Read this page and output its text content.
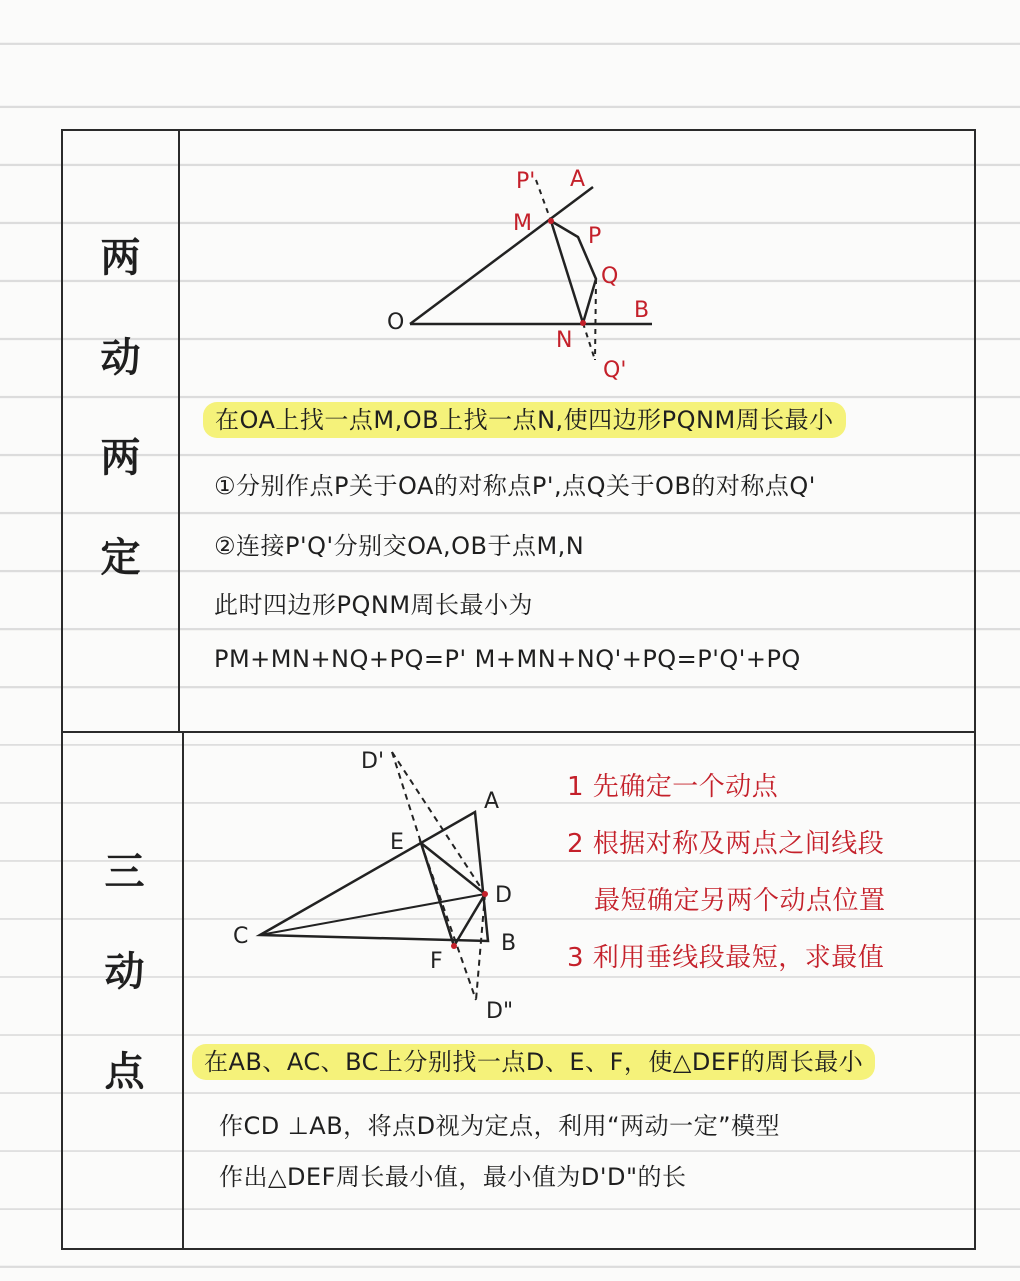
两
动
两
定
P' A
M
P
Q
O	B
N
Q'
在OA上找一点M,OB上找一点N,使四边形PQNM周长最小
①分别作点P关于OA的对称点P',点Q关于OB的对称点Q'
②连接P'Q'分别交OA,OB于点M,N
此时四边形PQNM周长最小为
PM+MN+NQ+PQ=P' M+MN+NQ'+PQ=P'Q'+PQ
三
动
点
D'
A
E
D
C	B
F
D"
1 先确定一个动点
2 根据对称及两点之间线段
最短确定另两个动点位置
3 利用垂线段最短，求最值
在AB、AC、BC上分别找一点D、E、F，使△DEF的周长最小
作CD ⊥AB，将点D视为定点，利用“两动一定”模型
作出△DEF周长最小值，最小值为D'D"的长
